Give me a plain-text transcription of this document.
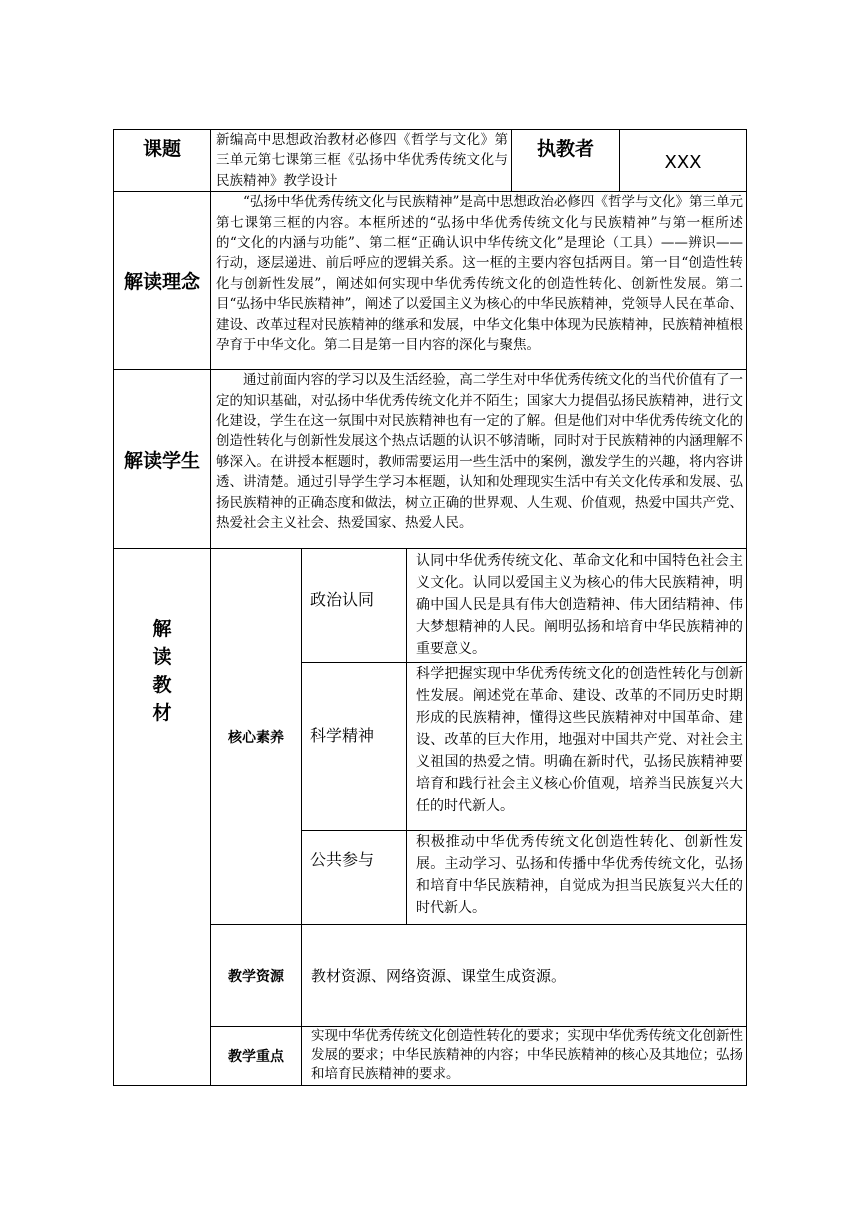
课题	新编高中思想政治教材必修四《哲学与文化》第三单元第七课第三框《弘扬中华优秀传统文化与民族精神》教学设计			执教者	XXX
解读理念	“弘扬中华优秀传统文化与民族精神”是高中思想政治必修四《哲学与文化》第三单元第七课第三框的内容。本框所述的“弘扬中华优秀传统文化与民族精神”与第一框所述的“文化的内涵与功能”、第二框“正确认识中华传统文化”是理论（工具）——辨识——行动，逐层递进、前后呼应的逻辑关系。这一框的主要内容包括两目。第一目“创造性转化与创新性发展”，阐述如何实现中华优秀传统文化的创造性转化、创新性发展。第二目“弘扬中华民族精神”，阐述了以爱国主义为核心的中华民族精神，党领导人民在革命、建设、改革过程对民族精神的继承和发展，中华文化集中体现为民族精神，民族精神植根孕育于中华文化。第二目是第一目内容的深化与聚焦。				
解读学生	通过前面内容的学习以及生活经验，高二学生对中华优秀传统文化的当代价值有了一定的知识基础，对弘扬中华优秀传统文化并不陌生；国家大力提倡弘扬民族精神，进行文化建设，学生在这一氛围中对民族精神也有一定的了解。但是他们对中华优秀传统文化的创造性转化与创新性发展这个热点话题的认识不够清晰，同时对于民族精神的内涵理解不够深入。在讲授本框题时，教师需要运用一些生活中的案例，激发学生的兴趣，将内容讲透、讲清楚。通过引导学生学习本框题，认知和处理现实生活中有关文化传承和发展、弘扬民族精神的正确态度和做法，树立正确的世界观、人生观、价值观，热爱中国共产党、热爱社会主义社会、热爱国家、热爱人民。				

解
读
教
材	核心素养	政治认同	认同中华优秀传统文化、革命文化和中国特色社会主义文化。认同以爱国主义为核心的伟大民族精神，明确中国人民是具有伟大创造精神、伟大团结精神、伟大梦想精神的人民。阐明弘扬和培育中华民族精神的重要意义。		
		科学精神	科学把握实现中华优秀传统文化的创造性转化与创新性发展。阐述党在革命、建设、改革的不同历史时期形成的民族精神，懂得这些民族精神对中国革命、建设、改革的巨大作用，地强对中国共产党、对社会主义祖国的热爱之情。明确在新时代，弘扬民族精神要培育和践行社会主义核心价值观，培养当民族复兴大任的时代新人。		
		公共参与	积极推动中华优秀传统文化创造性转化、创新性发展。主动学习、弘扬和传播中华优秀传统文化，弘扬和培育中华民族精神，自觉成为担当民族复兴大任的时代新人。		
	教学资源	教材资源、网络资源、课堂生成资源。			
	教学重点	实现中华优秀传统文化创造性转化的要求；实现中华优秀传统文化创新性发展的要求；中华民族精神的内容；中华民族精神的核心及其地位；弘扬和培育民族精神的要求。			
